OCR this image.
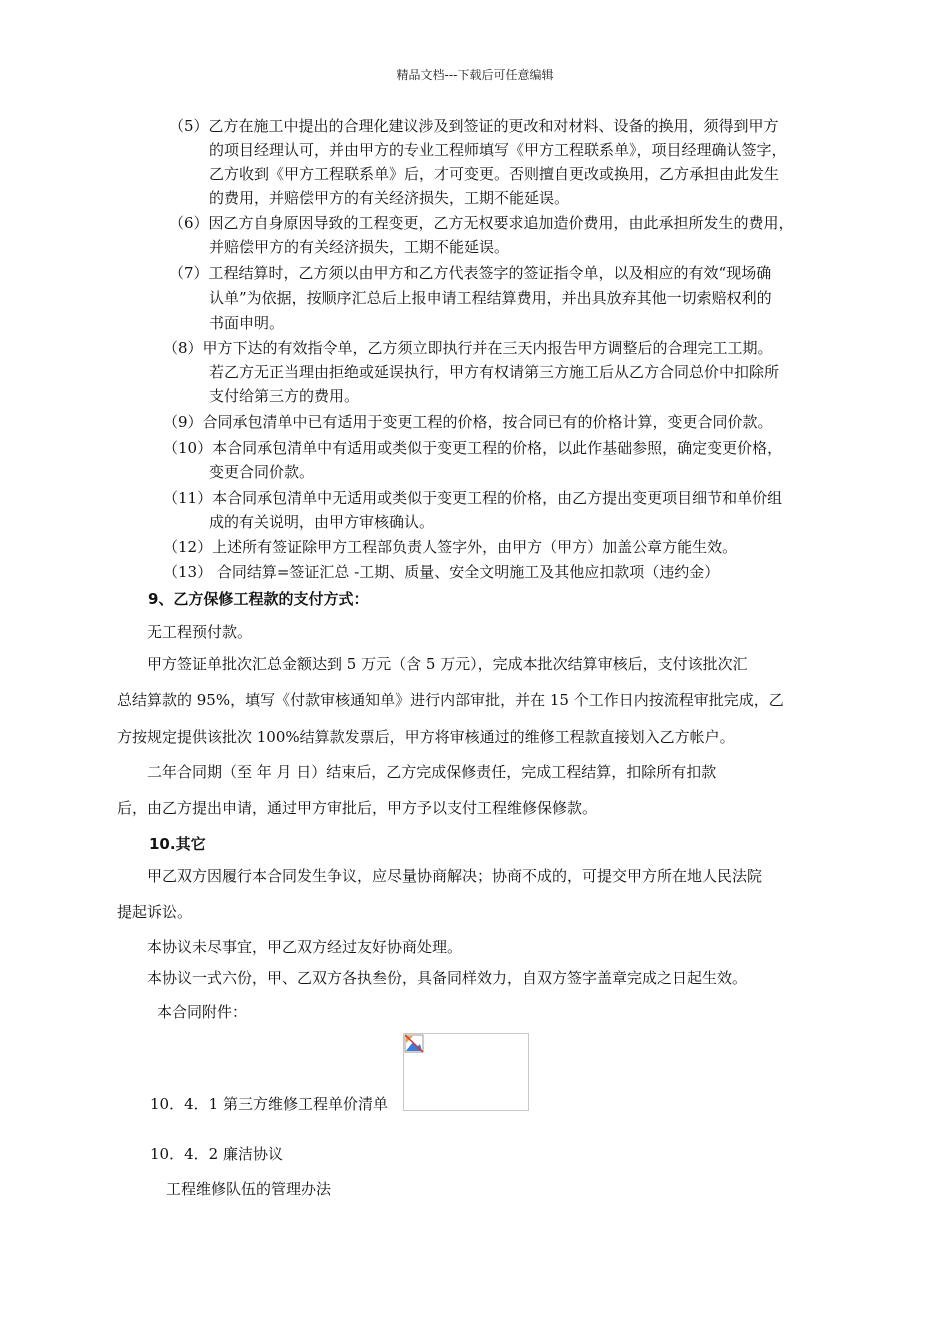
精品文档---下载后可任意编辑
（5）乙方在施工中提出的合理化建议涉及到签证的更改和对材料、设备的换用，须得到甲方
的项目经理认可，并由甲方的专业工程师填写《甲方工程联系单》，项目经理确认签字，
乙方收到《甲方工程联系单》后，才可变更。否则擅自更改或换用，乙方承担由此发生
的费用，并赔偿甲方的有关经济损失，工期不能延误。
（6）因乙方自身原因导致的工程变更，乙方无权要求追加造价费用，由此承担所发生的费用，
并赔偿甲方的有关经济损失，工期不能延误。
（7）工程结算时，乙方须以由甲方和乙方代表签字的签证指令单，以及相应的有效“现场确
认单”为依据，按顺序汇总后上报申请工程结算费用，并出具放弃其他一切索赔权利的
书面申明。
（8）甲方下达的有效指令单，乙方须立即执行并在三天内报告甲方调整后的合理完工工期。
若乙方无正当理由拒绝或延误执行，甲方有权请第三方施工后从乙方合同总价中扣除所
支付给第三方的费用。
（9）合同承包清单中已有适用于变更工程的价格，按合同已有的价格计算，变更合同价款。
（10）本合同承包清单中有适用或类似于变更工程的价格，以此作基础参照，确定变更价格，
变更合同价款。
（11）本合同承包清单中无适用或类似于变更工程的价格，由乙方提出变更项目细节和单价组
成的有关说明，由甲方审核确认。
（12）上述所有签证除甲方工程部负责人签字外，由甲方（甲方）加盖公章方能生效。
（13） 合同结算=签证汇总 -工期、质量、安全文明施工及其他应扣款项（违约金）
9、乙方保修工程款的支付方式：
无工程预付款。
甲方签证单批次汇总金额达到 5 万元（含 5 万元），完成本批次结算审核后，支付该批次汇
总结算款的 95%，填写《付款审核通知单》进行内部审批，并在 15 个工作日内按流程审批完成，乙
方按规定提供该批次 100%结算款发票后，甲方将审核通过的维修工程款直接划入乙方帐户。
二年合同期（至 年 月 日）结束后，乙方完成保修责任，完成工程结算，扣除所有扣款
后，由乙方提出申请，通过甲方审批后，甲方予以支付工程维修保修款。
10.其它
甲乙双方因履行本合同发生争议，应尽量协商解决；协商不成的，可提交甲方所在地人民法院
提起诉讼。
本协议未尽事宜，甲乙双方经过友好协商处理。
本协议一式六份，甲、乙双方各执叁份，具备同样效力，自双方签字盖章完成之日起生效。
本合同附件：
10．4．1 第三方维修工程单价清单
10．4．2 廉洁协议
工程维修队伍的管理办法
